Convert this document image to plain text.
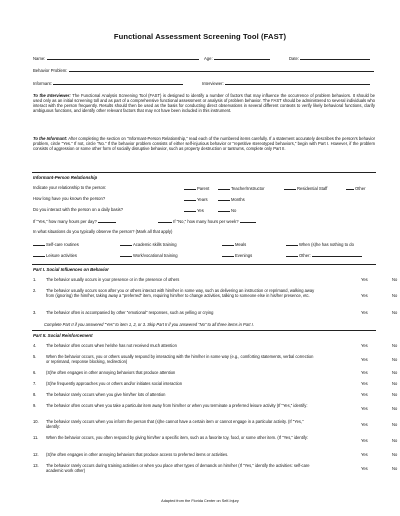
Functional Assessment Screening Tool (FAST)
Name:	Age:	Date:
Behavior Problem:
Informant:	Interviewer:
To the Interviewer: The Functional Analysis Screening Tool (FAST) is designed to identify a number of factors that may influence the occurrence of problem behaviors. It should be used only as an initial screening toll and as part of a comprehensive functional assessment or analysis of problem behavior. The FAST should be administered to several individuals who interact with the person frequently. Results should then be used as the basis for conducting direct observations in several different contexts to verify likely behavioral functions, clarify ambiguous functions, and identify other relevant factors that may not have been included in this instrument.
To the Informant: After completing the section on "Informant-Person Relationship," read each of the numbered items carefully. If a statement accurately describes the person's behavior problem, circle "Yes." If not, circle "No." If the behavior problem consists of either self-injurious behavior or "repetitive stereotyped behaviors," begin with Part I. However, if the problem consists of aggression or some other form of socially disruptive behavior, such as property destruction or tantrums, complete only Part II.
Informant-Person Relationship
Indicate your relationship to the person:	Parent	Teacher/Instructor	Residential Staff	Other
How long have you known the person?	Years	Months
Do you interact with the person on a daily basis?	Yes	No
If "Yes," how many hours per day?	If "No," how many hours per week?
In what situations do you typically observe the person? (Mark all that apply)
Self-care routines	Academic skills training	Meals	When (s)he has nothing to do
Leisure activities	Work/vocational training	Evenings	Other:
Part I. Social Influences on Behavior
1.	The behavior usually occurs in your presence or in the presence of others	Yes	No
2.	The behavior usually occurs soon after you or others interact with him/her in some way, such as delivering an instruction or reprimand, walking away from (ignoring) the him/her, taking away a "preferred" item, requiring him/her to change activities, talking to someone else in his/her presence, etc.	Yes	No
3.	The behavior often is accompanied by other "emotional" responses, such as yelling or crying	Yes	No
Complete Part II if you answered "Yes" to item 1, 2, or 3. Skip Part II if you answered "No" to all three items in Part I.
Part II. Social Reinforcement
4.	The behavior often occurs when he/she has not received much attention	Yes	No
5.	When the behavior occurs, you or others usually respond by interacting with the him/her in some way (e.g., comforting statements, verbal correction or reprimand, response blocking, redirection)	Yes	No
6.	(S)he often engages in other annoying behaviors that produce attention	Yes	No
7.	(S)he frequently approaches you or others and/or initiates social interaction	Yes	No
8.	The behavior rarely occurs when you give him/her lots of attention	Yes	No
9.	The behavior often occurs when you take a particular item away from him/her or when you terminate a preferred leisure activity (If "Yes," identify:
Yes	No
10.	The behavior rarely occurs when you inform the person that (s)he cannot have a certain item or cannot engage in a particular activity. (If "Yes," identify:	Yes	No
11.	When the behavior occurs, you often respond by giving him/her a specific item, such as a favorite toy, food, or some other item. (If "Yes," identify:
Yes	No
12.	(S)he often engages in other annoying behaviors that produce access to preferred items or activities.	Yes	No
13.	The behavior rarely occurs during training activities or when you place other types of demands on him/her (If "Yes," identify the activities: self-care academic work other)	Yes	No
Adapted from the Florida Center on Self-Injury
